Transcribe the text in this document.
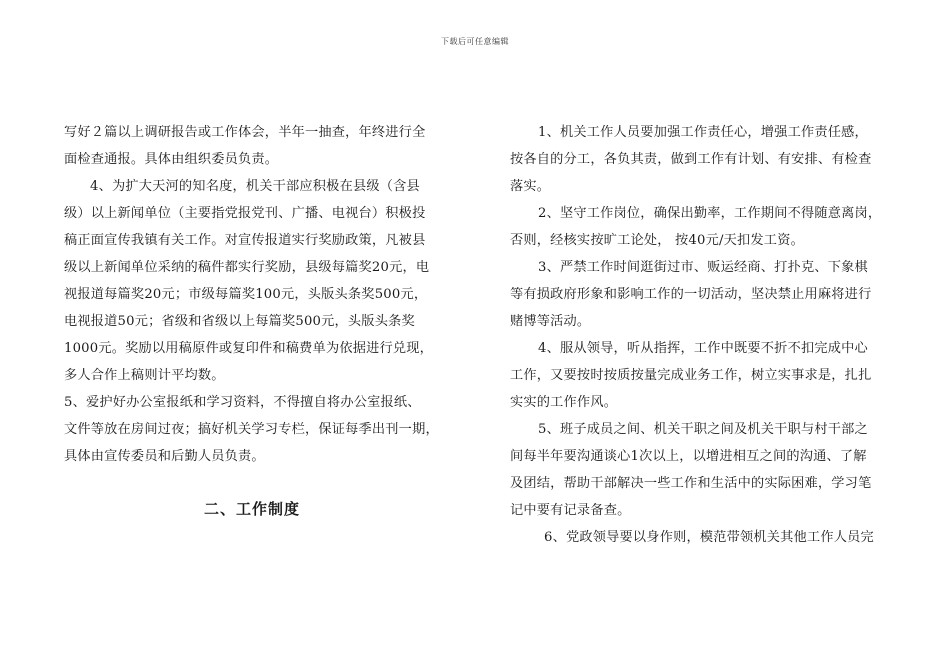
下载后可任意编辑
写好２篇以上调研报告或工作体会，半年一抽查，年终进行全
面检查通报。具体由组织委员负责。
4、为扩大天河的知名度，机关干部应积极在县级（含县
级）以上新闻单位（主要指党报党刊、广播、电视台）积极投
稿正面宣传我镇有关工作。对宣传报道实行奖励政策，凡被县
级以上新闻单位采纳的稿件都实行奖励，县级每篇奖20元，电
视报道每篇奖20元；市级每篇奖100元，头版头条奖500元，
电视报道50元；省级和省级以上每篇奖500元，头版头条奖
1000元。奖励以用稿原件或复印件和稿费单为依据进行兑现，
多人合作上稿则计平均数。
5、爱护好办公室报纸和学习资料，不得擅自将办公室报纸、
文件等放在房间过夜；搞好机关学习专栏，保证每季出刊一期，
具体由宣传委员和后勤人员负责。
二、工作制度
1、机关工作人员要加强工作责任心，增强工作责任感，
按各自的分工，各负其责，做到工作有计划、有安排、有检查
落实。
2、坚守工作岗位，确保出勤率，工作期间不得随意离岗，
否则，经核实按旷工论处， 按40元/天扣发工资。
3、严禁工作时间逛街过市、贩运经商、打扑克、下象棋
等有损政府形象和影响工作的一切活动，坚决禁止用麻将进行
赌博等活动。
4、服从领导，听从指挥，工作中既要不折不扣完成中心
工作，又要按时按质按量完成业务工作，树立实事求是，扎扎
实实的工作作风。
5、班子成员之间、机关干职之间及机关干职与村干部之
间每半年要沟通谈心1次以上，以增进相互之间的沟通、了解
及团结，帮助干部解决一些工作和生活中的实际困难，学习笔
记中要有记录备查。
6、党政领导要以身作则，模范带领机关其他工作人员完
